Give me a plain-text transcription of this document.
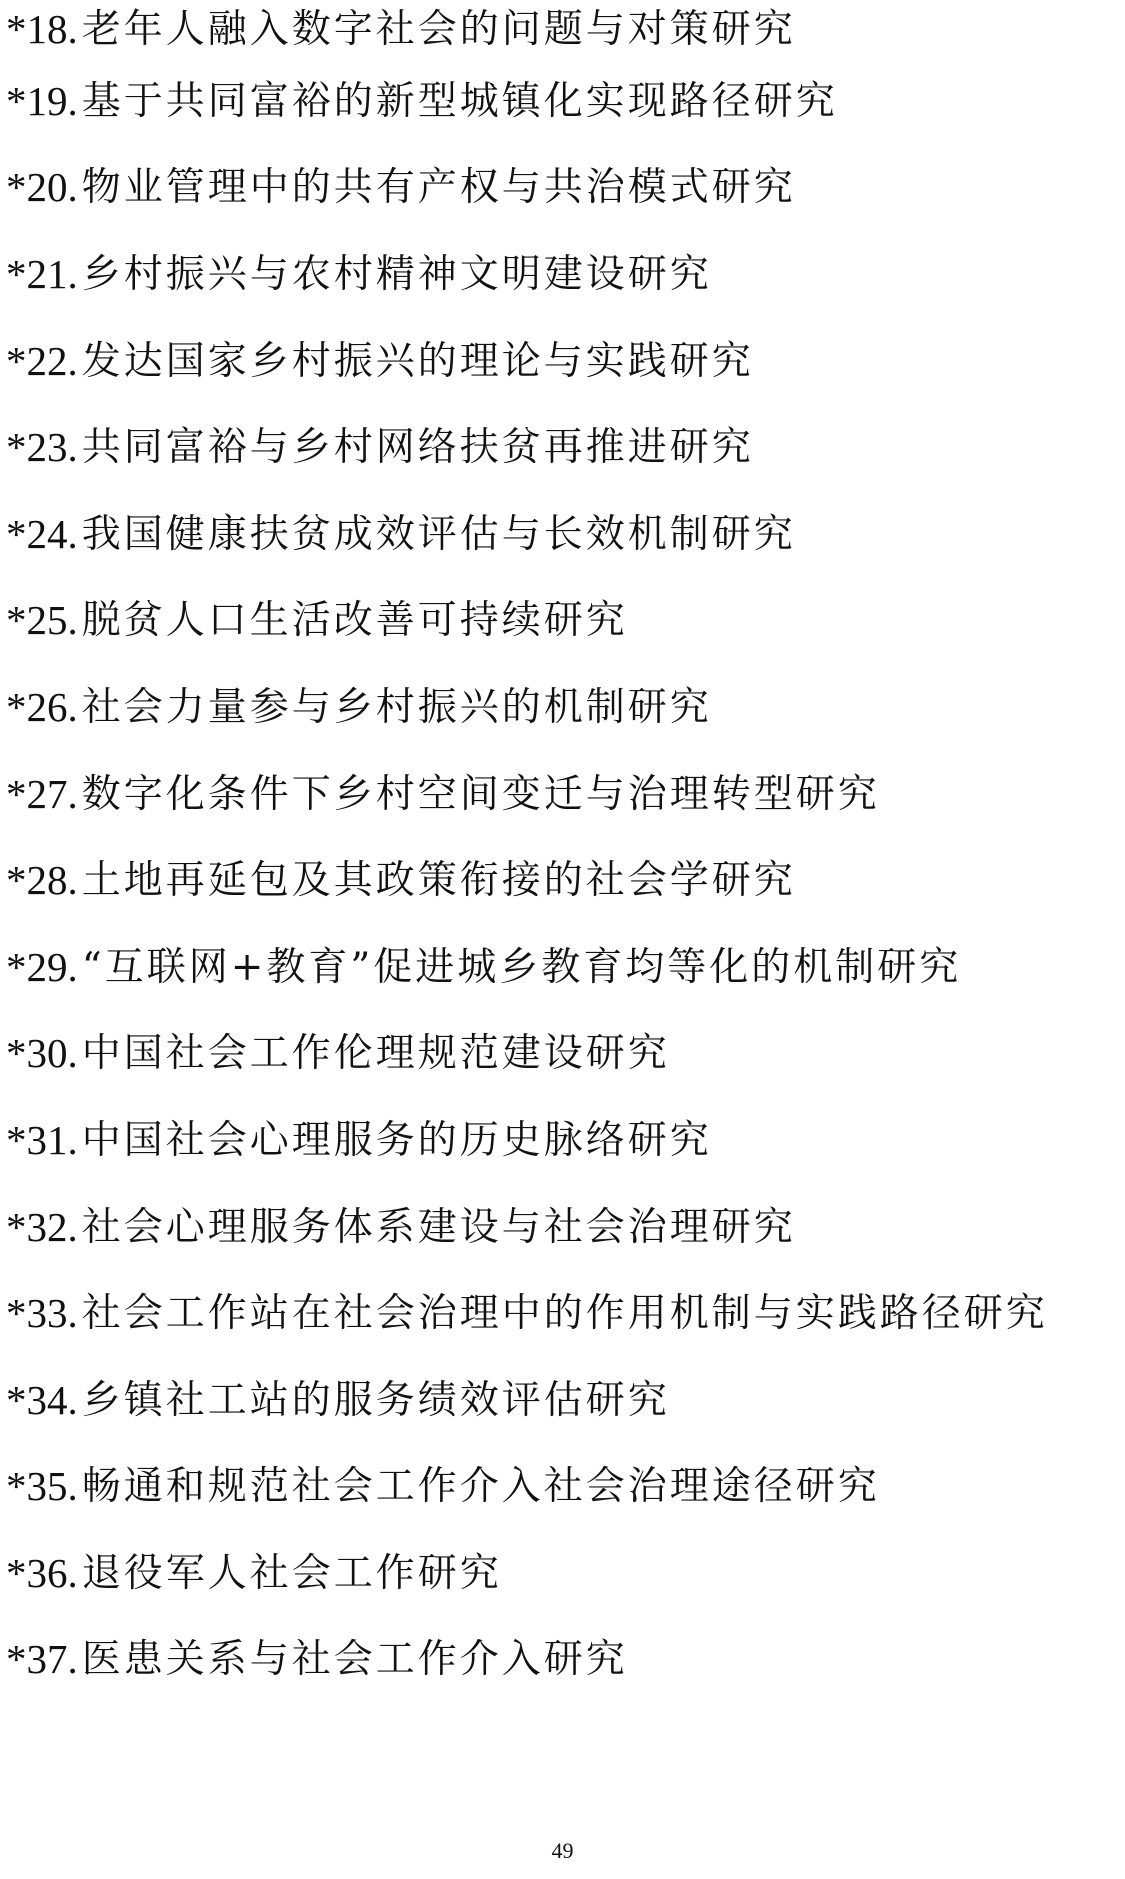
*18. 老年人融入数字社会的问题与对策研究
*19. 基于共同富裕的新型城镇化实现路径研究
*20. 物业管理中的共有产权与共治模式研究
*21. 乡村振兴与农村精神文明建设研究
*22. 发达国家乡村振兴的理论与实践研究
*23. 共同富裕与乡村网络扶贫再推进研究
*24. 我国健康扶贫成效评估与长效机制研究
*25. 脱贫人口生活改善可持续研究
*26. 社会力量参与乡村振兴的机制研究
*27. 数字化条件下乡村空间变迁与治理转型研究
*28. 土地再延包及其政策衔接的社会学研究
*29. “互联网+教育”促进城乡教育均等化的机制研究
*30. 中国社会工作伦理规范建设研究
*31. 中国社会心理服务的历史脉络研究
*32. 社会心理服务体系建设与社会治理研究
*33. 社会工作站在社会治理中的作用机制与实践路径研究
*34. 乡镇社工站的服务绩效评估研究
*35. 畅通和规范社会工作介入社会治理途径研究
*36. 退役军人社会工作研究
*37. 医患关系与社会工作介入研究
49
